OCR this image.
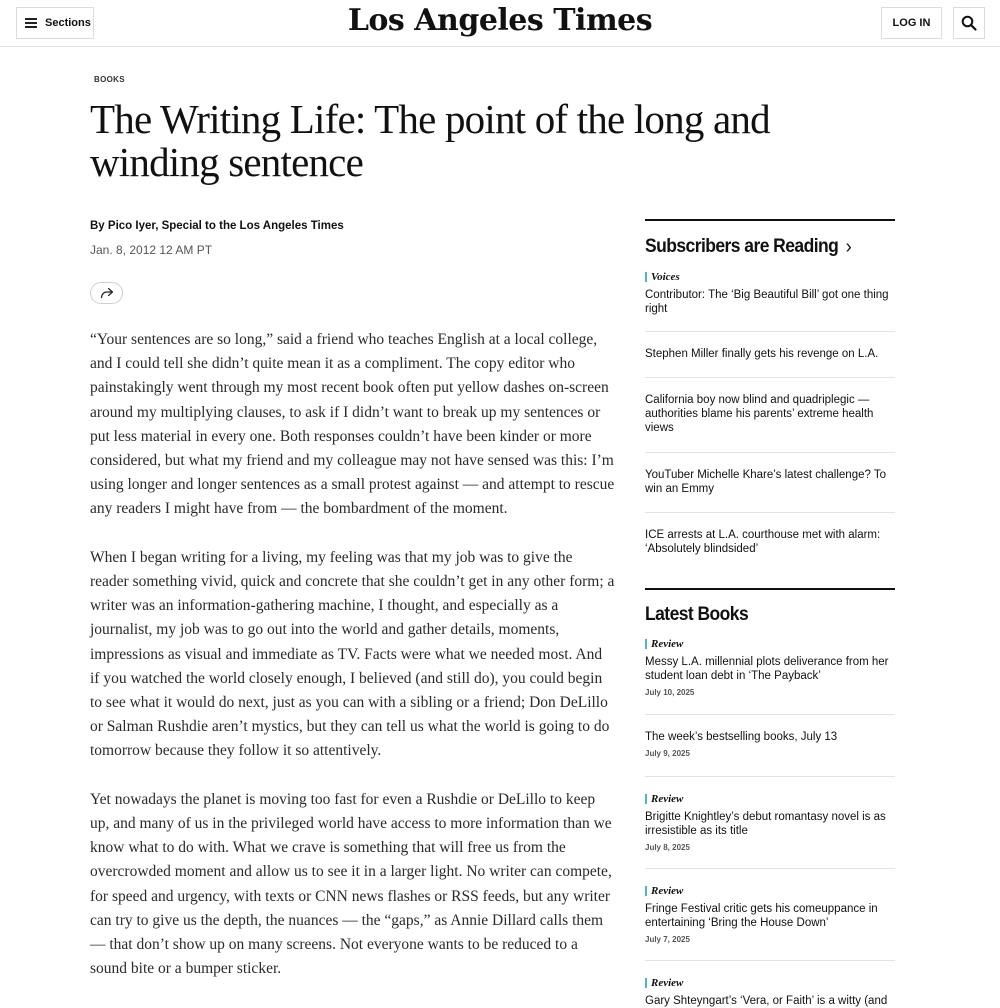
Sections	Los Angeles Times	LOG IN
BOOKS
The Writing Life: The point of the long and winding sentence
By Pico Iyer, Special to the Los Angeles Times
Jan. 8, 2012 12 AM PT

“Your sentences are so long,” said a friend who teaches English at a local college, and I could tell she didn’t quite mean it as a compliment. The copy editor who painstakingly went through my most recent book often put yellow dashes on-screen around my multiplying clauses, to ask if I didn’t want to break up my sentences or put less material in every one. Both responses couldn’t have been kinder or more considered, but what my friend and my colleague may not have sensed was this: I’m using longer and longer sentences as a small protest against — and attempt to rescue any readers I might have from — the bombardment of the moment.

When I began writing for a living, my feeling was that my job was to give the reader something vivid, quick and concrete that she couldn’t get in any other form; a writer was an information-gathering machine, I thought, and especially as a journalist, my job was to go out into the world and gather details, moments, impressions as visual and immediate as TV. Facts were what we needed most. And if you watched the world closely enough, I believed (and still do), you could begin to see what it would do next, just as you can with a sibling or a friend; Don DeLillo or Salman Rushdie aren’t mystics, but they can tell us what the world is going to do tomorrow because they follow it so attentively.

Yet nowadays the planet is moving too fast for even a Rushdie or DeLillo to keep up, and many of us in the privileged world have access to more information than we know what to do with. What we crave is something that will free us from the overcrowded moment and allow us to see it in a larger light. No writer can compete, for speed and urgency, with texts or CNN news flashes or RSS feeds, but any writer can try to give us the depth, the nuances — the “gaps,” as Annie Dillard calls them — that don’t show up on many screens. Not everyone wants to be reduced to a sound bite or a bumper sticker.

Subscribers are Reading ›
Voices
Contributor: The ‘Big Beautiful Bill’ got one thing right
Stephen Miller finally gets his revenge on L.A.
California boy now blind and quadriplegic — authorities blame his parents’ extreme health views
YouTuber Michelle Khare’s latest challenge? To win an Emmy
ICE arrests at L.A. courthouse met with alarm: ‘Absolutely blindsided’
Latest Books
Review
Messy L.A. millennial plots deliverance from her student loan debt in ‘The Payback’
July 10, 2025
The week’s bestselling books, July 13
July 9, 2025
Review
Brigitte Knightley’s debut romantasy novel is as irresistible as its title
July 8, 2025
Review
Fringe Festival critic gets his comeuppance in entertaining ‘Bring the House Down’
July 7, 2025
Review
Gary Shteyngart’s ‘Vera, or Faith’ is a witty (and
